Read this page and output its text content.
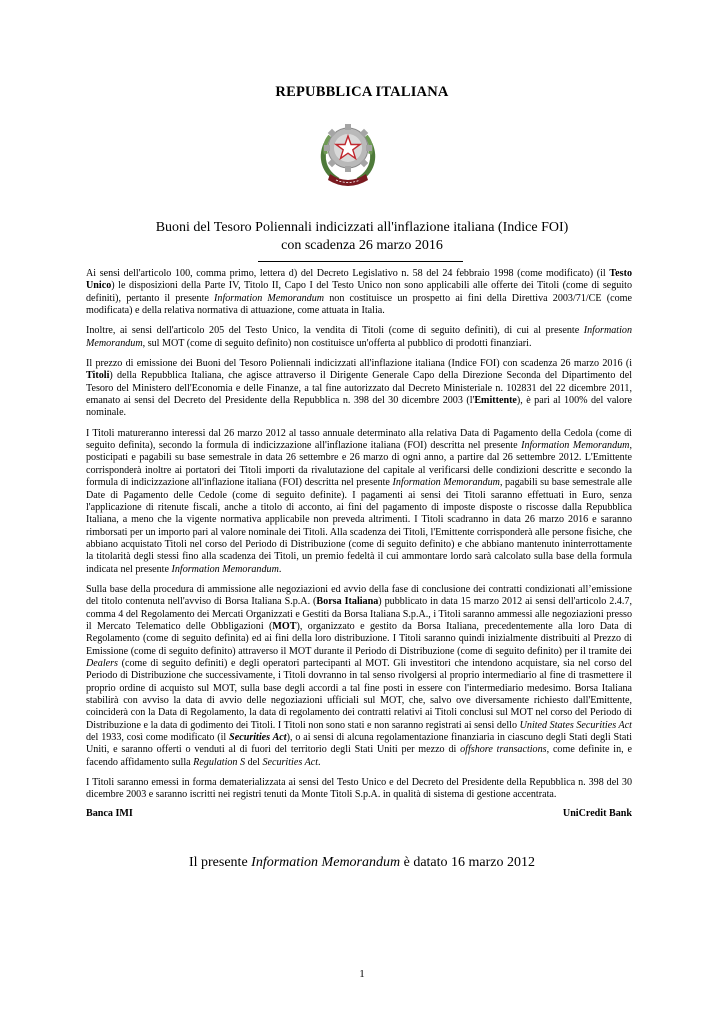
REPUBBLICA ITALIANA
Buoni del Tesoro Poliennali indicizzati all'inflazione italiana (Indice FOI)
con scadenza 26 marzo 2016

Ai sensi dell'articolo 100, comma primo, lettera d) del Decreto Legislativo n. 58 del 24 febbraio 1998 (come modificato) (il Testo Unico) le disposizioni della Parte IV, Titolo II, Capo I del Testo Unico non sono applicabili alle offerte dei Titoli (come di seguito definiti), pertanto il presente Information Memorandum non costituisce un prospetto ai fini della Direttiva 2003/71/CE (come modificata) e della relativa normativa di attuazione, come attuata in Italia.

Inoltre, ai sensi dell'articolo 205 del Testo Unico, la vendita di Titoli (come di seguito definiti), di cui al presente Information Memorandum, sul MOT (come di seguito definito) non costituisce un'offerta al pubblico di prodotti finanziari.

Il prezzo di emissione dei Buoni del Tesoro Poliennali indicizzati all'inflazione italiana (Indice FOI) con scadenza 26 marzo 2016 (i Titoli) della Repubblica Italiana, che agisce attraverso il Dirigente Generale Capo della Direzione Seconda del Dipartimento del Tesoro del Ministero dell'Economia e delle Finanze, a tal fine autorizzato dal Decreto Ministeriale n. 102831 del 22 dicembre 2011, emanato ai sensi del Decreto del Presidente della Repubblica n. 398 del 30 dicembre 2003 (l'Emittente), è pari al 100% del valore nominale.

I Titoli matureranno interessi dal 26 marzo 2012 al tasso annuale determinato alla relativa Data di Pagamento della Cedola (come di seguito definita), secondo la formula di indicizzazione all'inflazione italiana (FOI) descritta nel presente Information Memorandum, posticipati e pagabili su base semestrale in data 26 settembre e 26 marzo di ogni anno, a partire dal 26 settembre 2012. L'Emittente corrisponderà inoltre ai portatori dei Titoli importi da rivalutazione del capitale al verificarsi delle condizioni descritte e secondo la formula di indicizzazione all'inflazione italiana (FOI) descritta nel presente Information Memorandum, pagabili su base semestrale alle Date di Pagamento delle Cedole (come di seguito definite). I pagamenti ai sensi dei Titoli saranno effettuati in Euro, senza l'applicazione di ritenute fiscali, anche a titolo di acconto, ai fini del pagamento di imposte disposte o riscosse dalla Repubblica Italiana, a meno che la vigente normativa applicabile non preveda altrimenti. I Titoli scadranno in data 26 marzo 2016 e saranno rimborsati per un importo pari al valore nominale dei Titoli. Alla scadenza dei Titoli, l'Emittente corrisponderà alle persone fisiche, che abbiano acquistato Titoli nel corso del Periodo di Distribuzione (come di seguito definito) e che abbiano mantenuto ininterrottamente la titolarità degli stessi fino alla scadenza dei Titoli, un premio fedeltà il cui ammontare lordo sarà calcolato sulla base della formula indicata nel presente Information Memorandum.

Sulla base della procedura di ammissione alle negoziazioni ed avvio della fase di conclusione dei contratti condizionati all’emissione del titolo contenuta nell'avviso di Borsa Italiana S.p.A. (Borsa Italiana) pubblicato in data 15 marzo 2012 ai sensi dell'articolo 2.4.7, comma 4 del Regolamento dei Mercati Organizzati e Gestiti da Borsa Italiana S.p.A., i Titoli saranno ammessi alle negoziazioni presso il Mercato Telematico delle Obbligazioni (MOT), organizzato e gestito da Borsa Italiana, precedentemente alla loro Data di Regolamento (come di seguito definita) ed ai fini della loro distribuzione. I Titoli saranno quindi inizialmente distribuiti al Prezzo di Emissione (come di seguito definito) attraverso il MOT durante il Periodo di Distribuzione (come di seguito definito) per il tramite dei Dealers (come di seguito definiti) e degli operatori partecipanti al MOT. Gli investitori che intendono acquistare, sia nel corso del Periodo di Distribuzione che successivamente, i Titoli dovranno in tal senso rivolgersi al proprio intermediario al fine di trasmettere il proprio ordine di acquisto sul MOT, sulla base degli accordi a tal fine posti in essere con l'intermediario medesimo. Borsa Italiana stabilirà con avviso la data di avvio delle negoziazioni ufficiali sul MOT, che, salvo ove diversamente richiesto dall'Emittente, coinciderà con la Data di Regolamento, la data di regolamento dei contratti relativi ai Titoli conclusi sul MOT nel corso del Periodo di Distribuzione e la data di godimento dei Titoli. I Titoli non sono stati e non saranno registrati ai sensi dello United States Securities Act del 1933, così come modificato (il Securities Act), o ai sensi di alcuna regolamentazione finanziaria in ciascuno degli Stati degli Stati Uniti, e saranno offerti o venduti al di fuori del territorio degli Stati Uniti per mezzo di offshore transactions, come definite in, e facendo affidamento sulla Regulation S del Securities Act.

I Titoli saranno emessi in forma dematerializzata ai sensi del Testo Unico e del Decreto del Presidente della Repubblica n. 398 del 30 dicembre 2003 e saranno iscritti nei registri tenuti da Monte Titoli S.p.A. in qualità di sistema di gestione accentrata.

Banca IMI	UniCredit Bank
Il presente Information Memorandum è datato 16 marzo 2012
1
